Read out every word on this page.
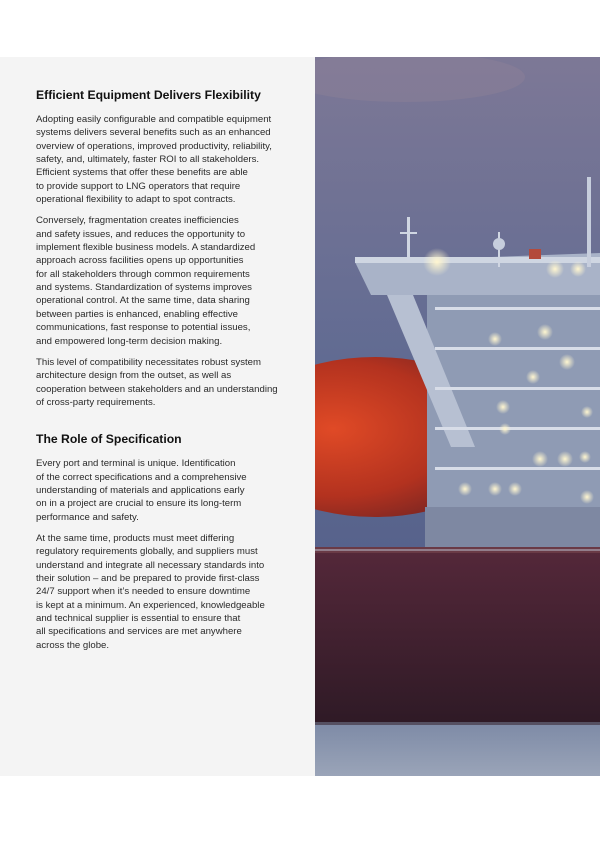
Efficient Equipment Delivers Flexibility

Adopting easily configurable and compatible equipment
systems delivers several benefits such as an enhanced
overview of operations, improved productivity, reliability,
safety, and, ultimately, faster ROI to all stakeholders.
Efficient systems that offer these benefits are able
to provide support to LNG operators that require
operational flexibility to adapt to spot contracts.

Conversely, fragmentation creates inefficiencies
and safety issues, and reduces the opportunity to
implement flexible business models. A standardized
approach across facilities opens up opportunities
for all stakeholders through common requirements
and systems. Standardization of systems improves
operational control. At the same time, data sharing
between parties is enhanced, enabling effective
communications, fast response to potential issues,
and empowered long-term decision making.

This level of compatibility necessitates robust system
architecture design from the outset, as well as
cooperation between stakeholders and an understanding
of cross-party requirements.

The Role of Specification

Every port and terminal is unique. Identification
of the correct specifications and a comprehensive
understanding of materials and applications early
on in a project are crucial to ensure its long-term
performance and safety.

At the same time, products must meet differing
regulatory requirements globally, and suppliers must
understand and integrate all necessary standards into
their solution – and be prepared to provide first-class
24/7 support when it’s needed to ensure downtime
is kept at a minimum. An experienced, knowledgeable
and technical supplier is essential to ensure that
all specifications and services are met anywhere
across the globe.
